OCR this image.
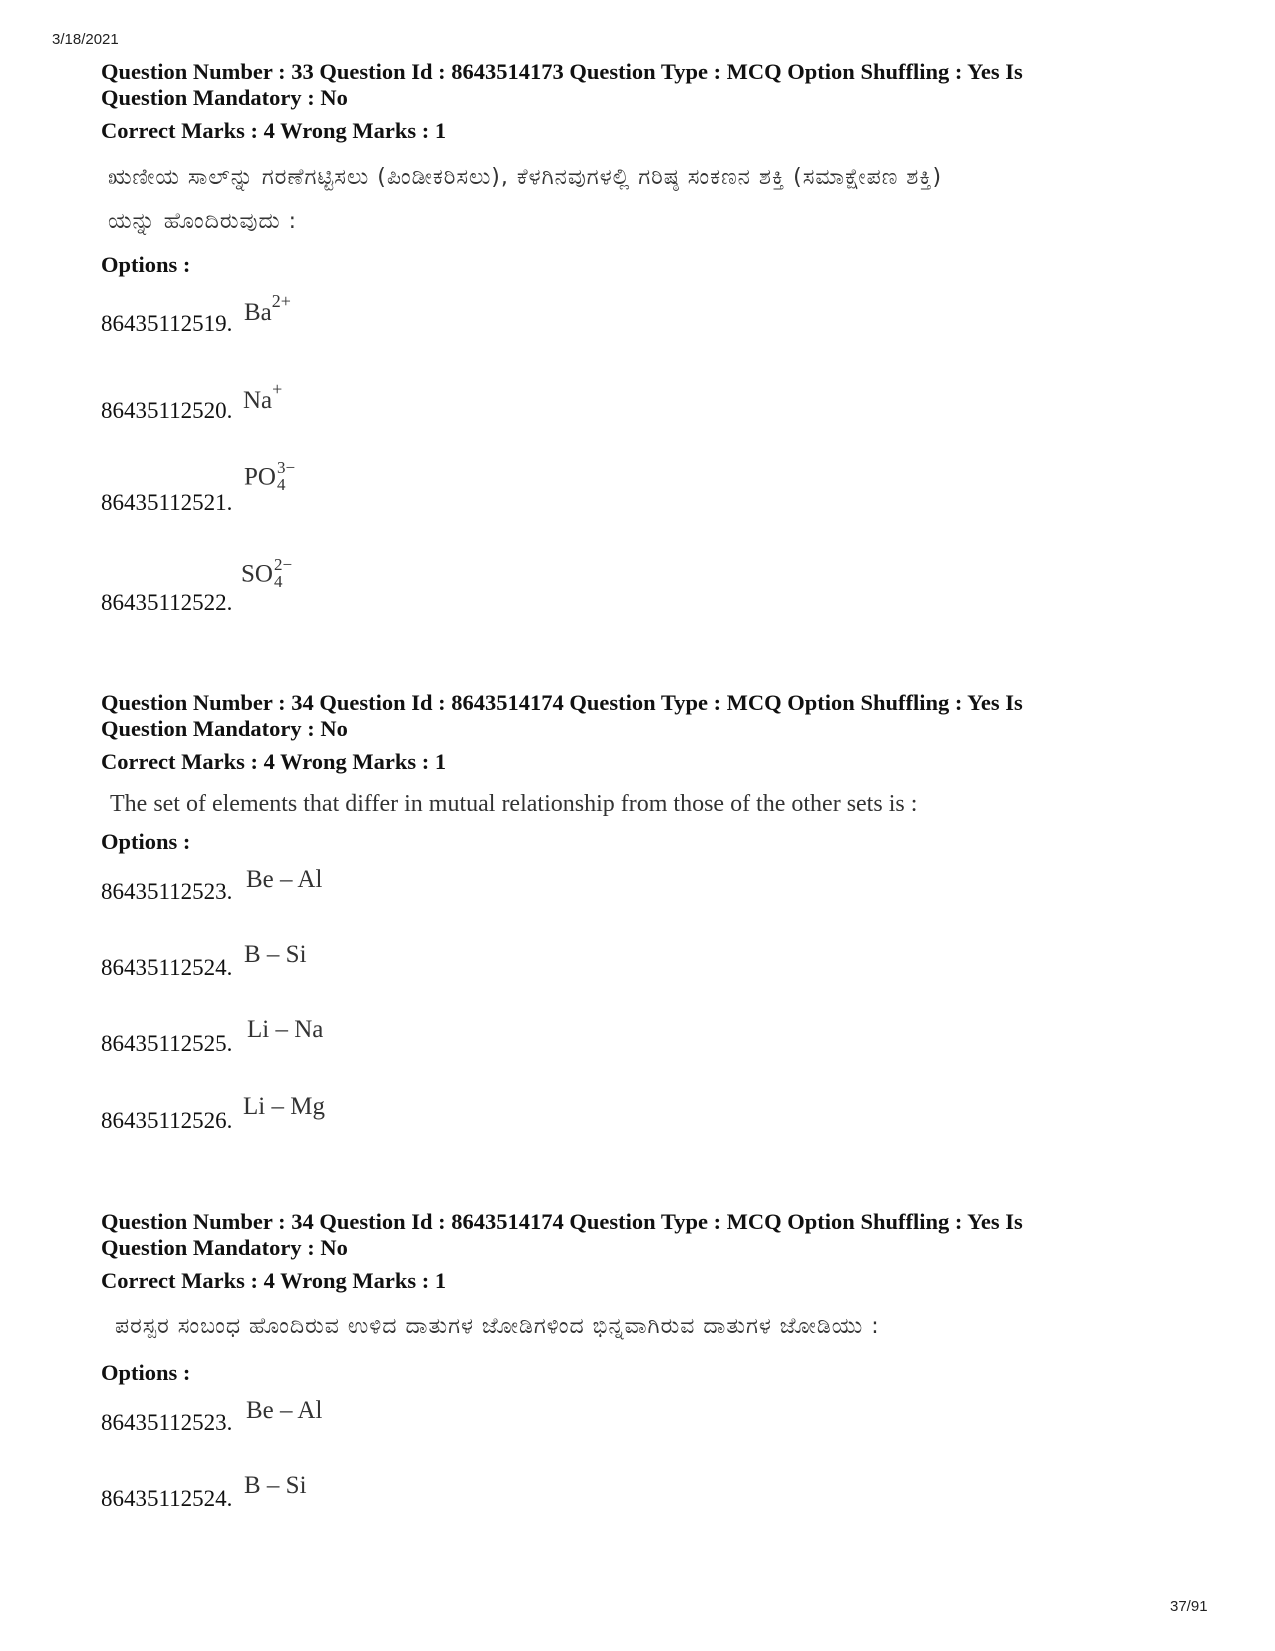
3/18/2021
Question Number : 33 Question Id : 8643514173 Question Type : MCQ Option Shuffling : Yes Is
Question Mandatory : No
Correct Marks : 4 Wrong Marks : 1
ಋಣೀಯ ಸಾಲ್‌ನ್ನು ಗರಣೆಗಟ್ಟಿಸಲು (ಪಿಂಡೀಕರಿಸಲು), ಕೆಳಗಿನವುಗಳಲ್ಲಿ ಗರಿಷ್ಠ ಸಂಕಣನ ಶಕ್ತಿ (ಸಮಾಕ್ಷೇಪಣ ಶಕ್ತಿ)
ಯನ್ನು ಹೊಂದಿರುವುದು :
Options :
86435112519. $Ba^{2+}$
86435112520. Na+
86435112521.
PO 3−
4
86435112522.
SO 2−
4
Question Number : 34 Question Id : 8643514174 Question Type : MCQ Option Shuffling : Yes Is
Question Mandatory : No
Correct Marks : 4 Wrong Marks : 1
The set of elements that differ in mutual relationship from those of the other sets is :
Options :
86435112523. Be – Al
86435112524. B – Si
86435112525.
Li – Na
86435112526.
Li – Mg
Question Number : 34 Question Id : 8643514174 Question Type : MCQ Option Shuffling : Yes Is
Question Mandatory : No
Correct Marks : 4 Wrong Marks : 1
ಪರಸ್ಪರ ಸಂಬಂಧ ಹೊಂದಿರುವ ಉಳಿದ ದಾತುಗಳ ಜೋಡಿಗಳಿಂದ ಭಿನ್ನವಾಗಿರುವ ದಾತುಗಳ ಜೋಡಿಯು :
Options :
86435112523. Be – Al
86435112524. B – Si
37/91
